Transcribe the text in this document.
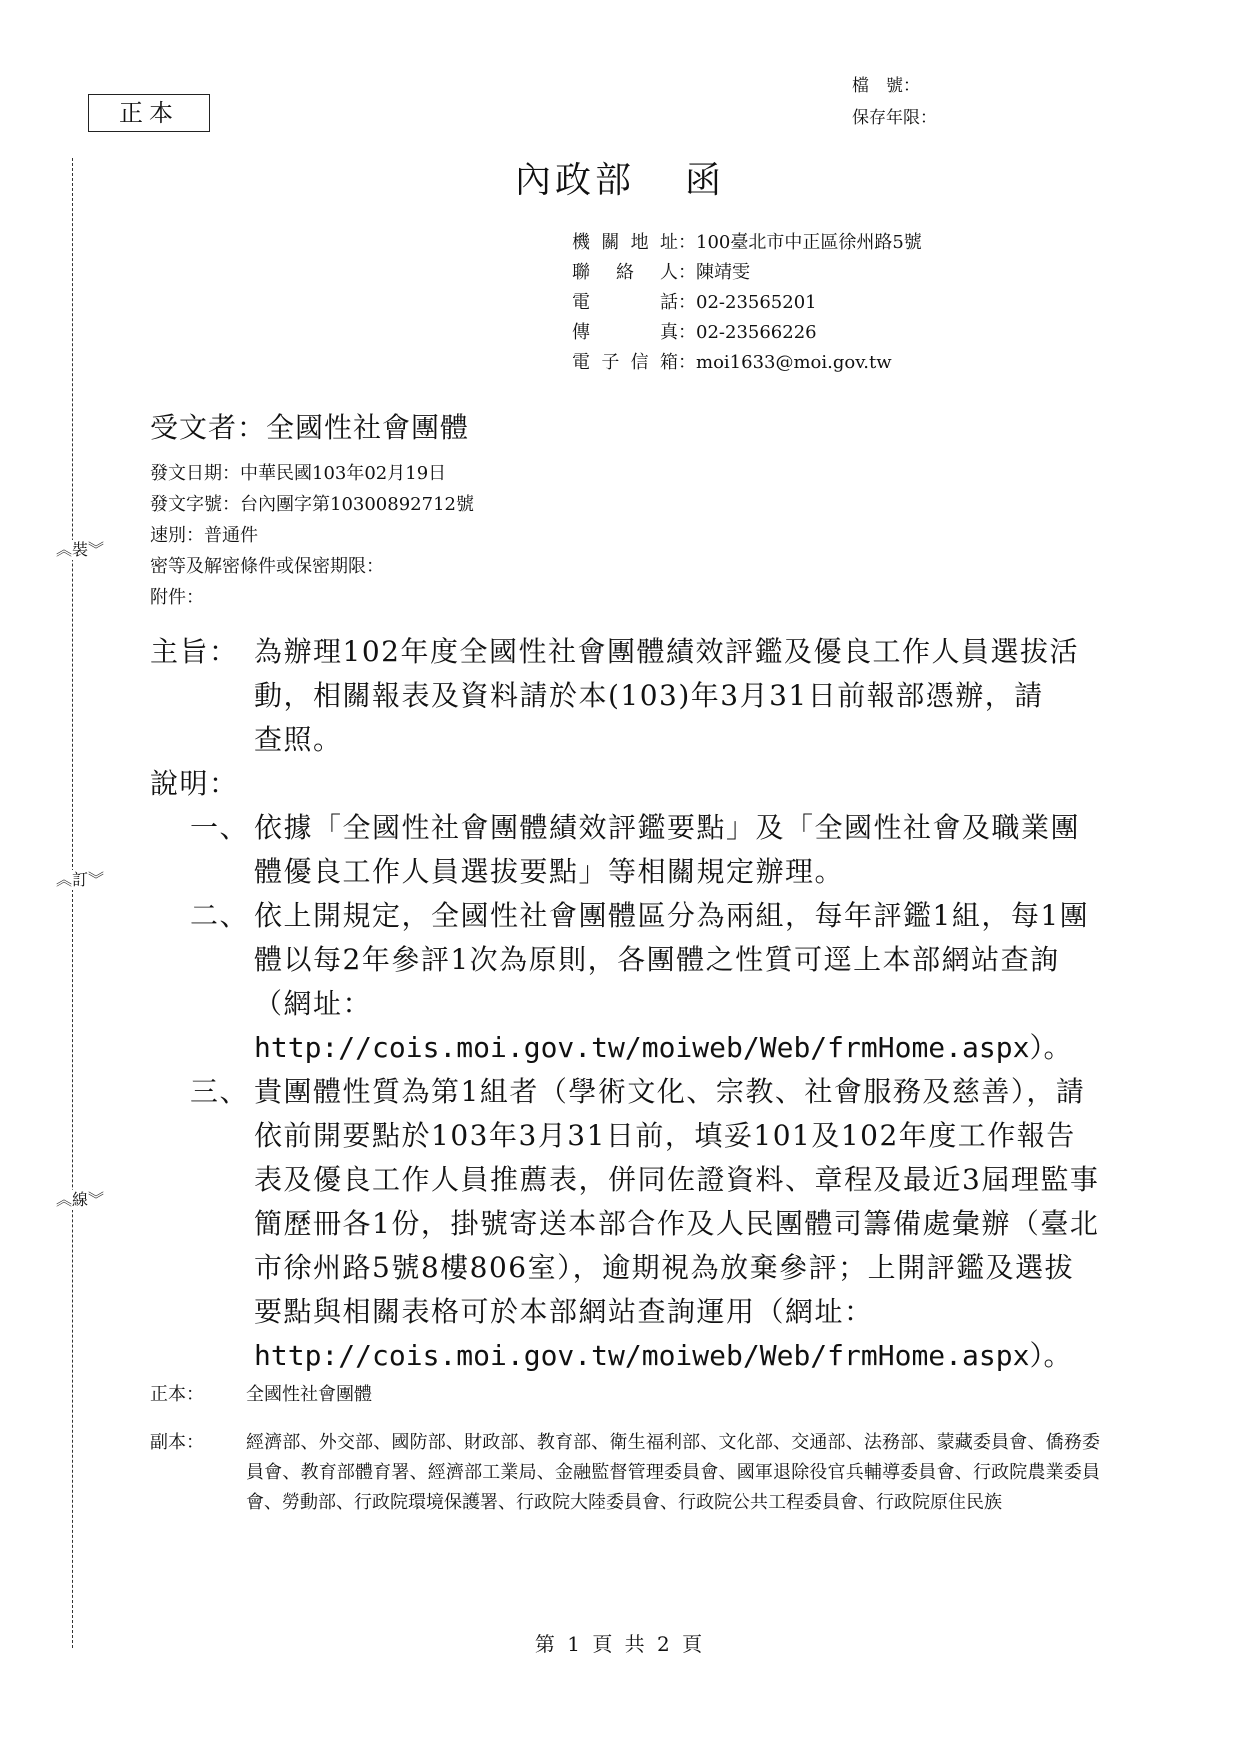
正本
檔　號：
保存年限：
︽裝︾
︽訂︾
︽線︾
內政部 函
機關地址 ： 100臺北市中正區徐州路5號
聯絡人 ： 陳靖雯
電話 ： 02-23565201
傳真 ： 02-23566226
電子信箱 ： moi1633@moi.gov.tw
受文者：全國性社會團體
發文日期：中華民國103年02月19日
發文字號：台內團字第10300892712號
速別：普通件
密等及解密條件或保密期限：
附件：
主旨： 為辦理102年度全國性社會團體績效評鑑及優良工作人員選拔活動，相關報表及資料請於本(103)年3月31日前報部憑辦，請　查照。
說明：
一、 依據「全國性社會團體績效評鑑要點」及「全國性社會及職業團體優良工作人員選拔要點」等相關規定辦理。
二、 依上開規定，全國性社會團體區分為兩組，每年評鑑1組，每1團體以每2年參評1次為原則，各團體之性質可逕上本部網站查詢（網址：
http://cois.moi.gov.tw/moiweb/Web/frmHome.aspx）。
三、 貴團體性質為第1組者（學術文化、宗教、社會服務及慈善），請依前開要點於103年3月31日前，填妥101及102年度工作報告表及優良工作人員推薦表，併同佐證資料、章程及最近3屆理監事簡歷冊各1份，掛號寄送本部合作及人民團體司籌備處彙辦（臺北市徐州路5號8樓806室），逾期視為放棄參評；上開評鑑及選拔要點與相關表格可於本部網站查詢運用（網址：
http://cois.moi.gov.tw/moiweb/Web/frmHome.aspx）。
正本：	全國性社會團體
副本：	經濟部、外交部、國防部、財政部、教育部、衛生福利部、文化部、交通部、法務部、蒙藏委員會、僑務委員會、教育部體育署、經濟部工業局、金融監督管理委員會、國軍退除役官兵輔導委員會、行政院農業委員會、勞動部、行政院環境保護署、行政院大陸委員會、行政院公共工程委員會、行政院原住民族
第 1 頁 共 2 頁
